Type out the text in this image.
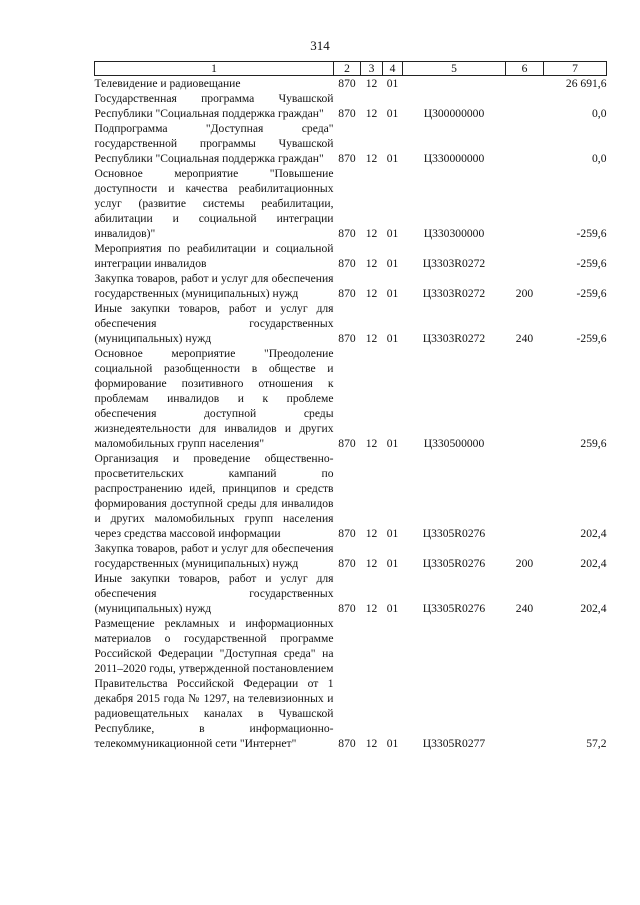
314
1	2	3	4	5	6	7
Телевидение и радиовещание	870	12	01			26 691,6
Государственная программа Чувашской Республики "Социальная поддержка граждан"	870	12	01	Ц300000000		0,0
Подпрограмма "Доступная среда" государственной программы Чувашской Республики "Социальная поддержка граждан"	870	12	01	Ц330000000		0,0
Основное мероприятие "Повышение доступности и качества реабилитационных услуг (развитие системы реабилитации, абилитации и социальной интеграции инвалидов)"	870	12	01	Ц330300000		-259,6
Мероприятия по реабилитации и социальной интеграции инвалидов	870	12	01	Ц3303R0272		-259,6
Закупка товаров, работ и услуг для обеспечения государственных (муниципальных) нужд	870	12	01	Ц3303R0272	200	-259,6
Иные закупки товаров, работ и услуг для обеспечения государственных (муниципальных) нужд	870	12	01	Ц3303R0272	240	-259,6
Основное мероприятие "Преодоление социальной разобщенности в обществе и формирование позитивного отношения к проблемам инвалидов и к проблеме обеспечения доступной среды жизнедеятельности для инвалидов и других маломобильных групп населения"	870	12	01	Ц330500000		259,6
Организация и проведение общественно-просветительских кампаний по распространению идей, принципов и средств формирования доступной среды для инвалидов и других маломобильных групп населения через средства массовой информации	870	12	01	Ц3305R0276		202,4
Закупка товаров, работ и услуг для обеспечения государственных (муниципальных) нужд	870	12	01	Ц3305R0276	200	202,4
Иные закупки товаров, работ и услуг для обеспечения государственных (муниципальных) нужд	870	12	01	Ц3305R0276	240	202,4
Размещение рекламных и информационных материалов о государственной программе Российской Федерации "Доступная среда" на 2011–2020 годы, утвержденной постановлением Правительства Российской Федерации от 1 декабря 2015 года № 1297, на телевизионных и радиовещательных каналах в Чувашской Республике, в информационно-телекоммуникационной сети "Интернет"	870	12	01	Ц3305R0277		57,2
